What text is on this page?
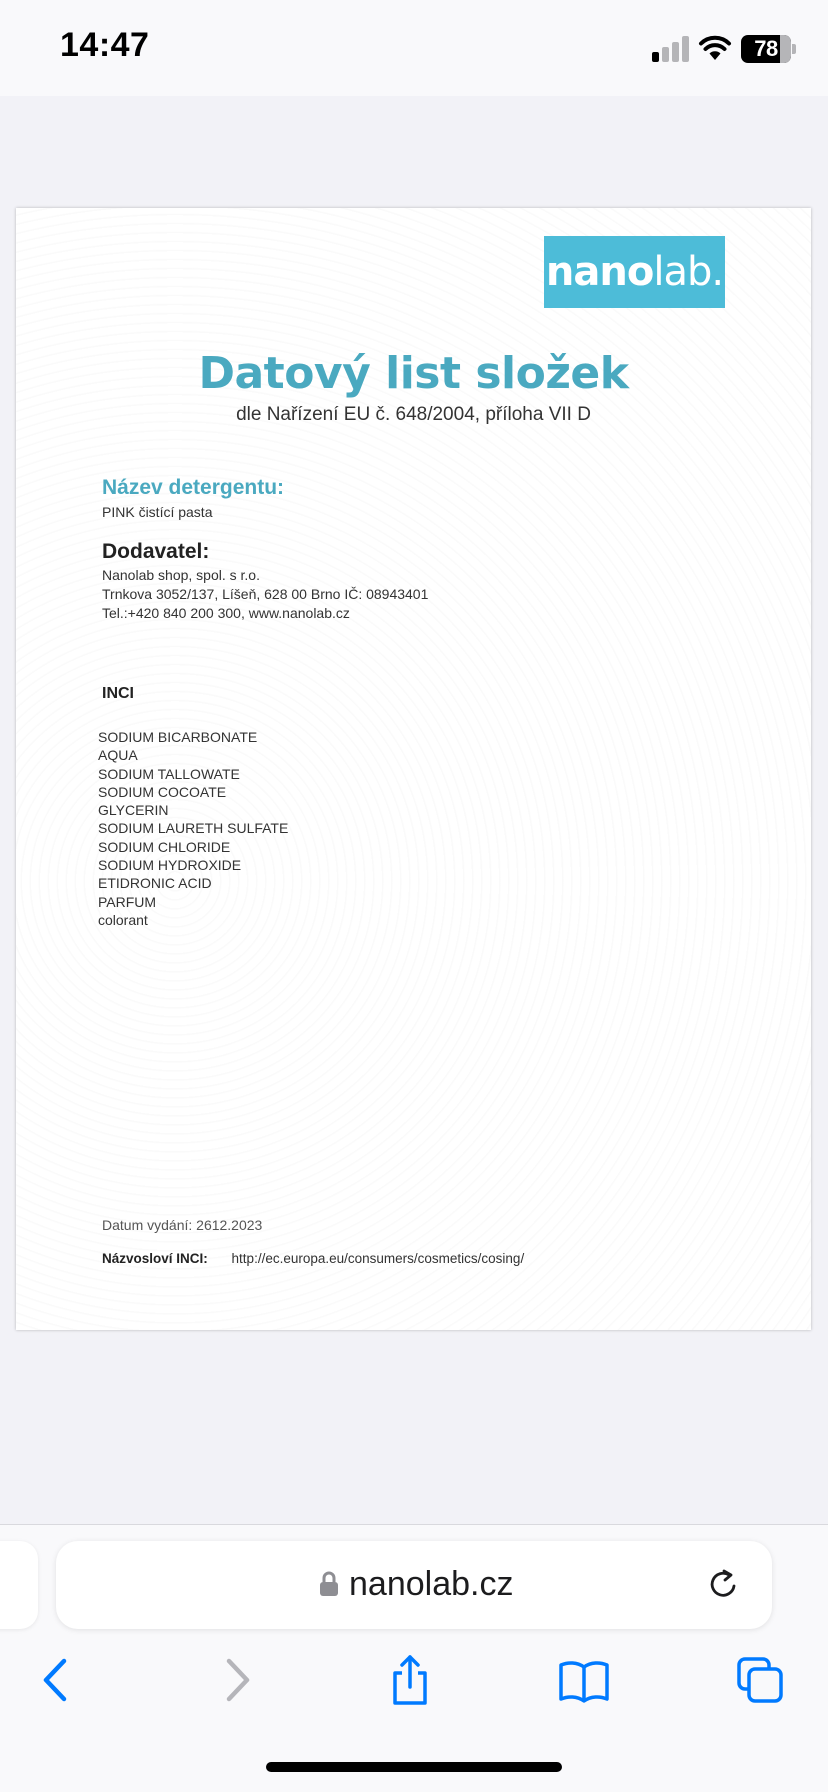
14:47	78
nanolab.
Datový list složek
dle Nařízení EU č. 648/2004, příloha VII D
Název detergentu:
PINK čistící pasta
Dodavatel:
Nanolab shop, spol. s r.o.
Trnkova 3052/137, Líšeň, 628 00 Brno IČ: 08943401
Tel.:+420 840 200 300, www.nanolab.cz
INCI
SODIUM BICARBONATE
AQUA
SODIUM TALLOWATE
SODIUM COCOATE
GLYCERIN
SODIUM LAURETH SULFATE
SODIUM CHLORIDE
SODIUM HYDROXIDE
ETIDRONIC ACID
PARFUM
colorant
Datum vydání: 2612.2023
Názvosloví INCI: http://ec.europa.eu/consumers/cosmetics/cosing/
nanolab.cz
